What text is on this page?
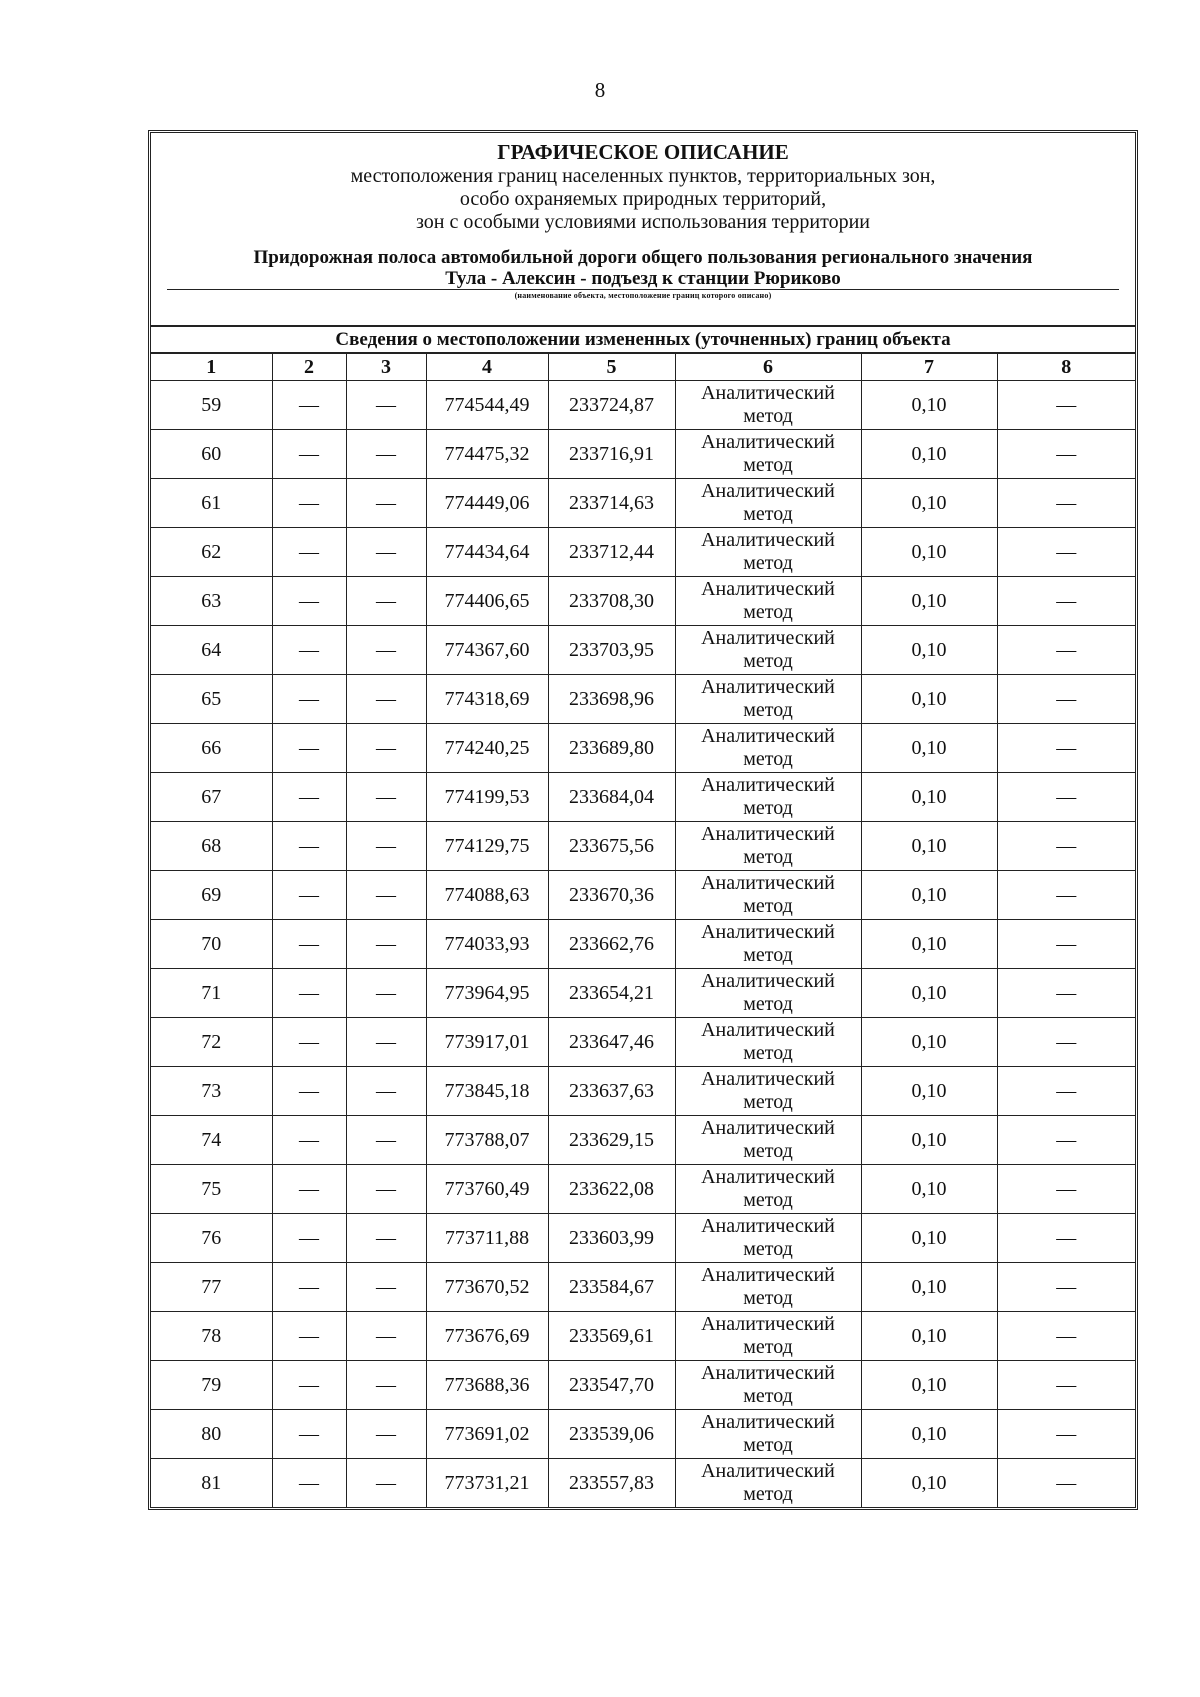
8
ГРАФИЧЕСКОЕ ОПИСАНИЕ
местоположения границ населенных пунктов, территориальных зон,
особо охраняемых природных территорий,
зон с особыми условиями использования территории
Придорожная полоса автомобильной дороги общего пользования регионального значения
Тула - Алексин - подъезд к станции Рюриково
(наименование объекта, местоположение границ которого описано)
Сведения о местоположении измененных (уточненных) границ объекта
1	2	3	4	5	6	7	8
59	—	—	774544,49	233724,87	Аналитический метод	0,10	—
60	—	—	774475,32	233716,91	Аналитический метод	0,10	—
61	—	—	774449,06	233714,63	Аналитический метод	0,10	—
62	—	—	774434,64	233712,44	Аналитический метод	0,10	—
63	—	—	774406,65	233708,30	Аналитический метод	0,10	—
64	—	—	774367,60	233703,95	Аналитический метод	0,10	—
65	—	—	774318,69	233698,96	Аналитический метод	0,10	—
66	—	—	774240,25	233689,80	Аналитический метод	0,10	—
67	—	—	774199,53	233684,04	Аналитический метод	0,10	—
68	—	—	774129,75	233675,56	Аналитический метод	0,10	—
69	—	—	774088,63	233670,36	Аналитический метод	0,10	—
70	—	—	774033,93	233662,76	Аналитический метод	0,10	—
71	—	—	773964,95	233654,21	Аналитический метод	0,10	—
72	—	—	773917,01	233647,46	Аналитический метод	0,10	—
73	—	—	773845,18	233637,63	Аналитический метод	0,10	—
74	—	—	773788,07	233629,15	Аналитический метод	0,10	—
75	—	—	773760,49	233622,08	Аналитический метод	0,10	—
76	—	—	773711,88	233603,99	Аналитический метод	0,10	—
77	—	—	773670,52	233584,67	Аналитический метод	0,10	—
78	—	—	773676,69	233569,61	Аналитический метод	0,10	—
79	—	—	773688,36	233547,70	Аналитический метод	0,10	—
80	—	—	773691,02	233539,06	Аналитический метод	0,10	—
81	—	—	773731,21	233557,83	Аналитический метод	0,10	—
